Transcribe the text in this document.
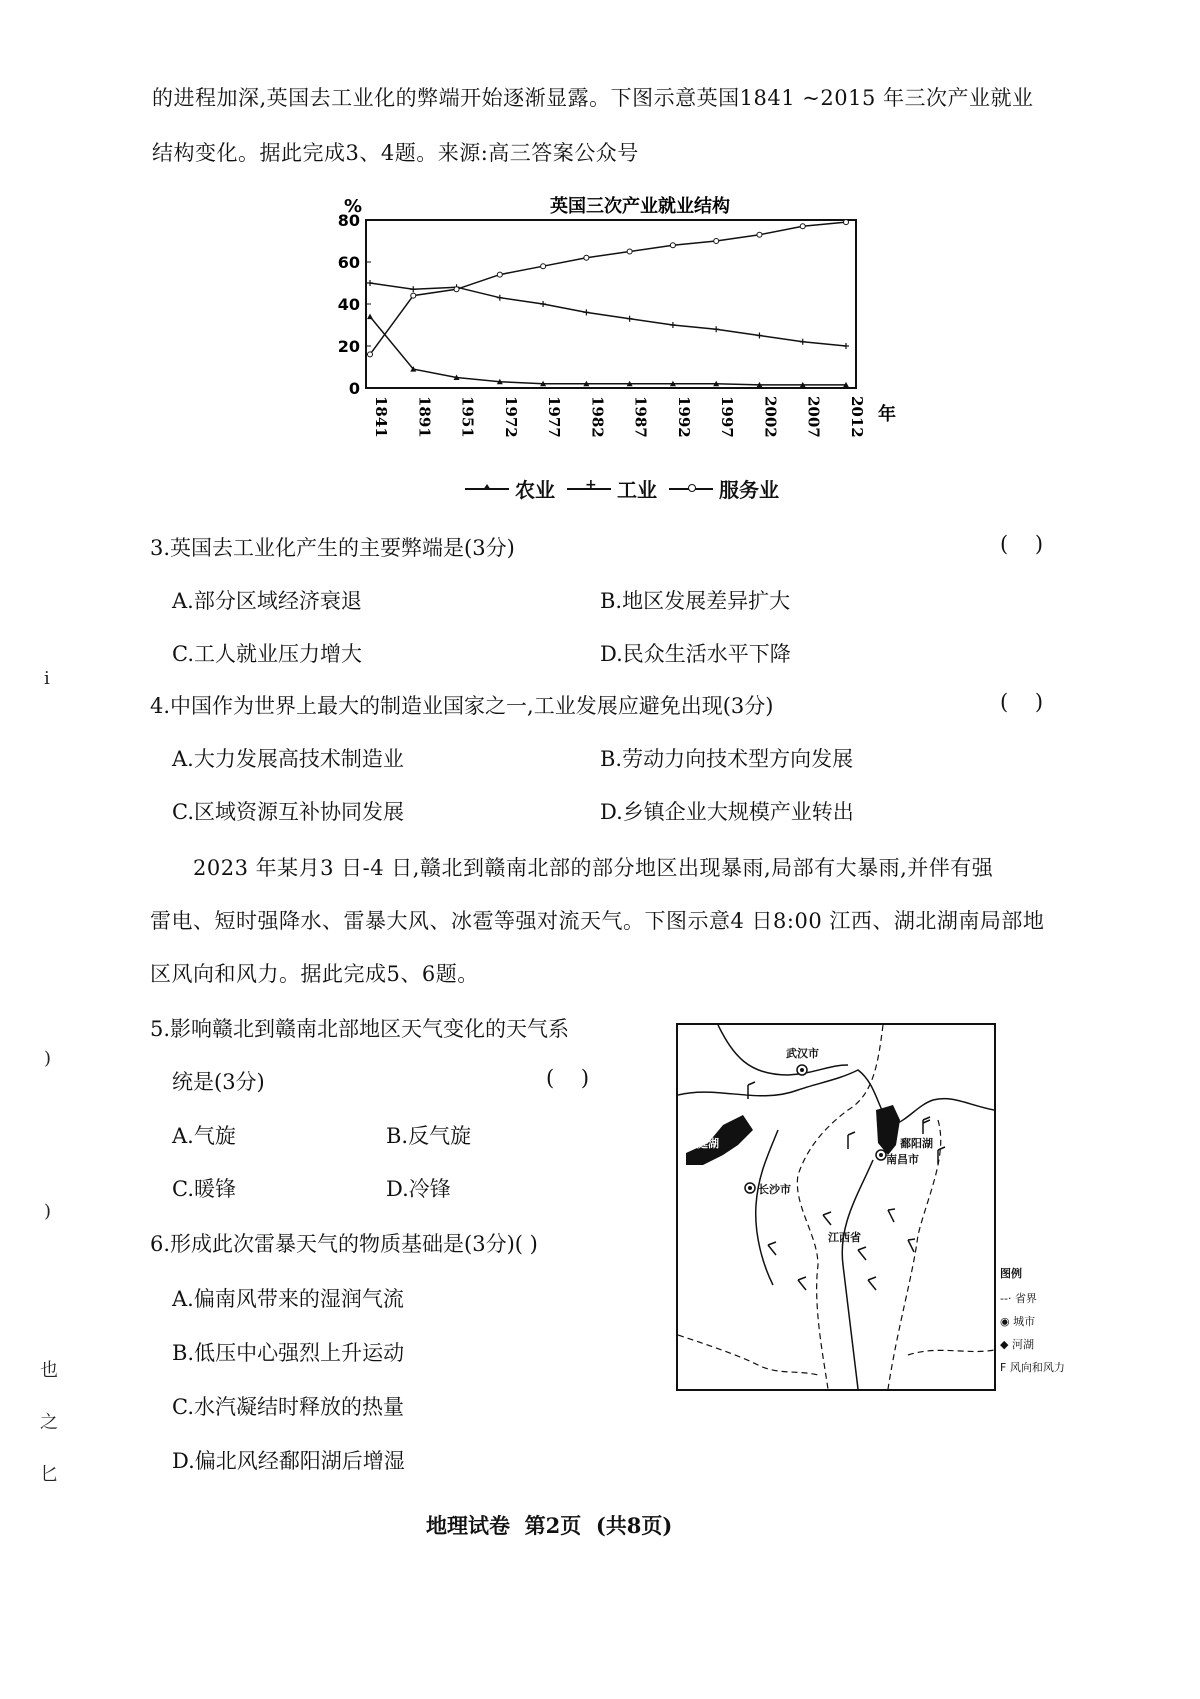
的进程加深,英国去工业化的弊端开始逐渐显露。下图示意英国1841 ~2015 年三次产业就业
结构变化。据此完成3、4题。来源:高三答案公众号
英国三次产业就业结构
%
0
20
40
60
80
1841 1891 1951 1972 1977 1982 1987 1992 1997 2002 2007 2012 年
农业
+	工业	服务业
3.英国去工业化产生的主要弊端是(3分)	(    )
A.部分区域经济衰退	B.地区发展差异扩大
C.工人就业压力增大	D.民众生活水平下降
4.中国作为世界上最大的制造业国家之一,工业发展应避免出现(3分)	(    )
A.大力发展高技术制造业	B.劳动力向技术型方向发展
C.区域资源互补协同发展	D.乡镇企业大规模产业转出
2023 年某月3 日-4 日,赣北到赣南北部的部分地区出现暴雨,局部有大暴雨,并伴有强
雷电、短时强降水、雷暴大风、冰雹等强对流天气。下图示意4 日8:00 江西、湖北湖南局部地
区风向和风力。据此完成5、6题。
5.影响赣北到赣南北部地区天气变化的天气系
统是(3分)	(    )
A.气旋	B.反气旋
C.暖锋	D.冷锋
6.形成此次雷暴天气的物质基础是(3分)( )
A.偏南风带来的湿润气流
B.低压中心强烈上升运动
C.水汽凝结时释放的热量
D.偏北风经鄱阳湖后增湿
武汉市
洞庭湖	鄱阳湖
南昌市
长沙市
江西省
图例
--· 省界
◉ 城市
◆ 河湖
F 风向和风力
i
)
)
也
之
匕
地理试卷  第2页  (共8页)
